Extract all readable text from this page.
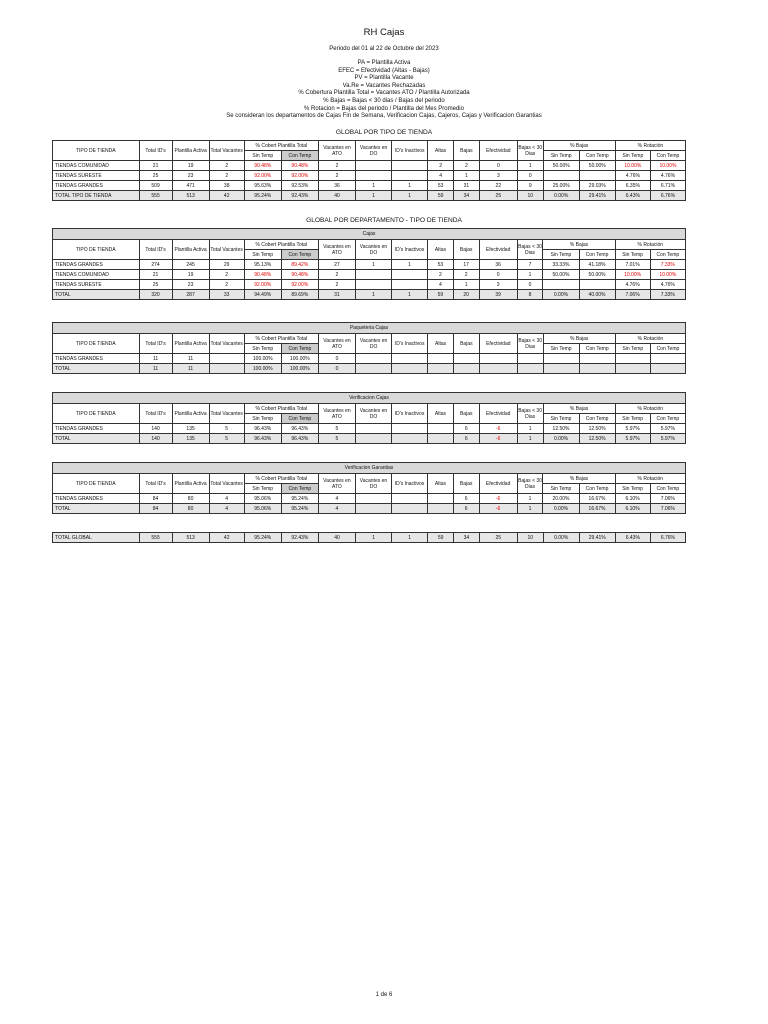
RH Cajas
Periodo del 01 al 22 de Octubre del 2023
PA = Plantilla Activa
EFEC = Efectividad (Altas - Bajas)
PV = Plantilla Vacante
Va.Re = Vacantes Rechazadas
% Cobertura Plantilla Total = Vacantes ATO / Plantilla Autorizada
% Bajas = Bajas < 30 dias / Bajas del periodo
% Rotacion = Bajas del periodo / Plantilla del Mes Promedio
Se consideran los departamentos de Cajas Fin de Semana, Verificacion Cajas, Cajeros, Cajas y Verificacion Garantias
GLOBAL POR TIPO DE TIENDA
TIPO DE TIENDA	Total ID's	Plantilla Activa	Total Vacantes	% Cobert Plantilla Total		Vacantes en ATO	Vacantes en DO	ID's Inactivos	Altas	Bajas	Efectividad	Bajas < 30 Dias	% Bajas		% Rotación	
				Sin Temp	Con Temp								Sin Temp	Con Temp	Sin Temp	Con Temp
TIENDAS COMUNIDAD	21	19	2	90.48%	90.48%	2			2	2	0	1	50.00%	50.00%	10.00%	10.00%
TIENDAS SURESTE	25	23	2	92.00%	92.00%	2			4	1	3	0			4.76%	4.76%
TIENDAS GRANDES	509	471	38	95.63%	92.53%	36	1	1	53	31	22	9	25.00%	29.03%	6.35%	6.71%
TOTAL TIPO DE TIENDA	555	513	42	95.24%	92.43%	40	1	1	59	34	25	10	0.00%	29.41%	6.43%	6.76%
GLOBAL POR DEPARTAMENTO - TIPO DE TIENDA
Cajas																
TIPO DE TIENDA	Total ID's	Plantilla Activa	Total Vacantes	% Cobert Plantilla Total		Vacantes en ATO	Vacantes en DO	ID's Inactivos	Altas	Bajas	Efectividad	Bajas < 30 Dias	% Bajas		% Rotación	
				Sin Temp	Con Temp								Sin Temp	Con Temp	Sin Temp	Con Temp
TIENDAS GRANDES	274	245	29	95.13%	89.42%	27	1	1	53	17	36	7	33.33%	41.18%	7.01%	7.33%
TIENDAS COMUNIDAD	21	19	2	90.48%	90.48%	2			2	2	0	1	50.00%	50.00%	10.00%	10.00%
TIENDAS SURESTE	25	23	2	92.00%	92.00%	2			4	1	3	0			4.76%	4.76%
TOTAL	320	287	33	94.49%	89.69%	31	1	1	59	20	39	8	0.00%	40.00%	7.06%	7.33%
Paqueteria Cajas																
TIPO DE TIENDA	Total ID's	Plantilla Activa	Total Vacantes	% Cobert Plantilla Total		Vacantes en ATO	Vacantes en DO	ID's Inactivos	Altas	Bajas	Efectividad	Bajas < 30 Dias	% Bajas		% Rotación	
				Sin Temp	Con Temp								Sin Temp	Con Temp	Sin Temp	Con Temp
TIENDAS GRANDES	11	11		100.00%	100.00%	0										
TOTAL	11	11		100.00%	100.00%	0										
Verificacion Cajas																
TIPO DE TIENDA	Total ID's	Plantilla Activa	Total Vacantes	% Cobert Plantilla Total		Vacantes en ATO	Vacantes en DO	ID's Inactivos	Altas	Bajas	Efectividad	Bajas < 30 Dias	% Bajas		% Rotación	
				Sin Temp	Con Temp								Sin Temp	Con Temp	Sin Temp	Con Temp
TIENDAS GRANDES	140	135	5	96.43%	96.43%	5				6	-6	1	12.50%	12.50%	5.97%	5.97%
TOTAL	140	135	5	96.43%	96.43%	5				6	-6	1	0.00%	12.50%	5.97%	5.97%
Verificacion Garantias																
TIPO DE TIENDA	Total ID's	Plantilla Activa	Total Vacantes	% Cobert Plantilla Total		Vacantes en ATO	Vacantes en DO	ID's Inactivos	Altas	Bajas	Efectividad	Bajas < 30 Dias	% Bajas		% Rotación	
				Sin Temp	Con Temp								Sin Temp	Con Temp	Sin Temp	Con Temp
TIENDAS GRANDES	84	80	4	95.06%	95.24%	4				6	-6	1	20.00%	16.67%	6.10%	7.06%
TOTAL	84	80	4	95.06%	95.24%	4				6	-6	1	0.00%	16.67%	6.10%	7.06%
TOTAL GLOBAL	555	513	42	95.24%	92.43%	40	1	1	59	34	25	10	0.00%	29.41%	6.43%	6.76%
1 de 6
